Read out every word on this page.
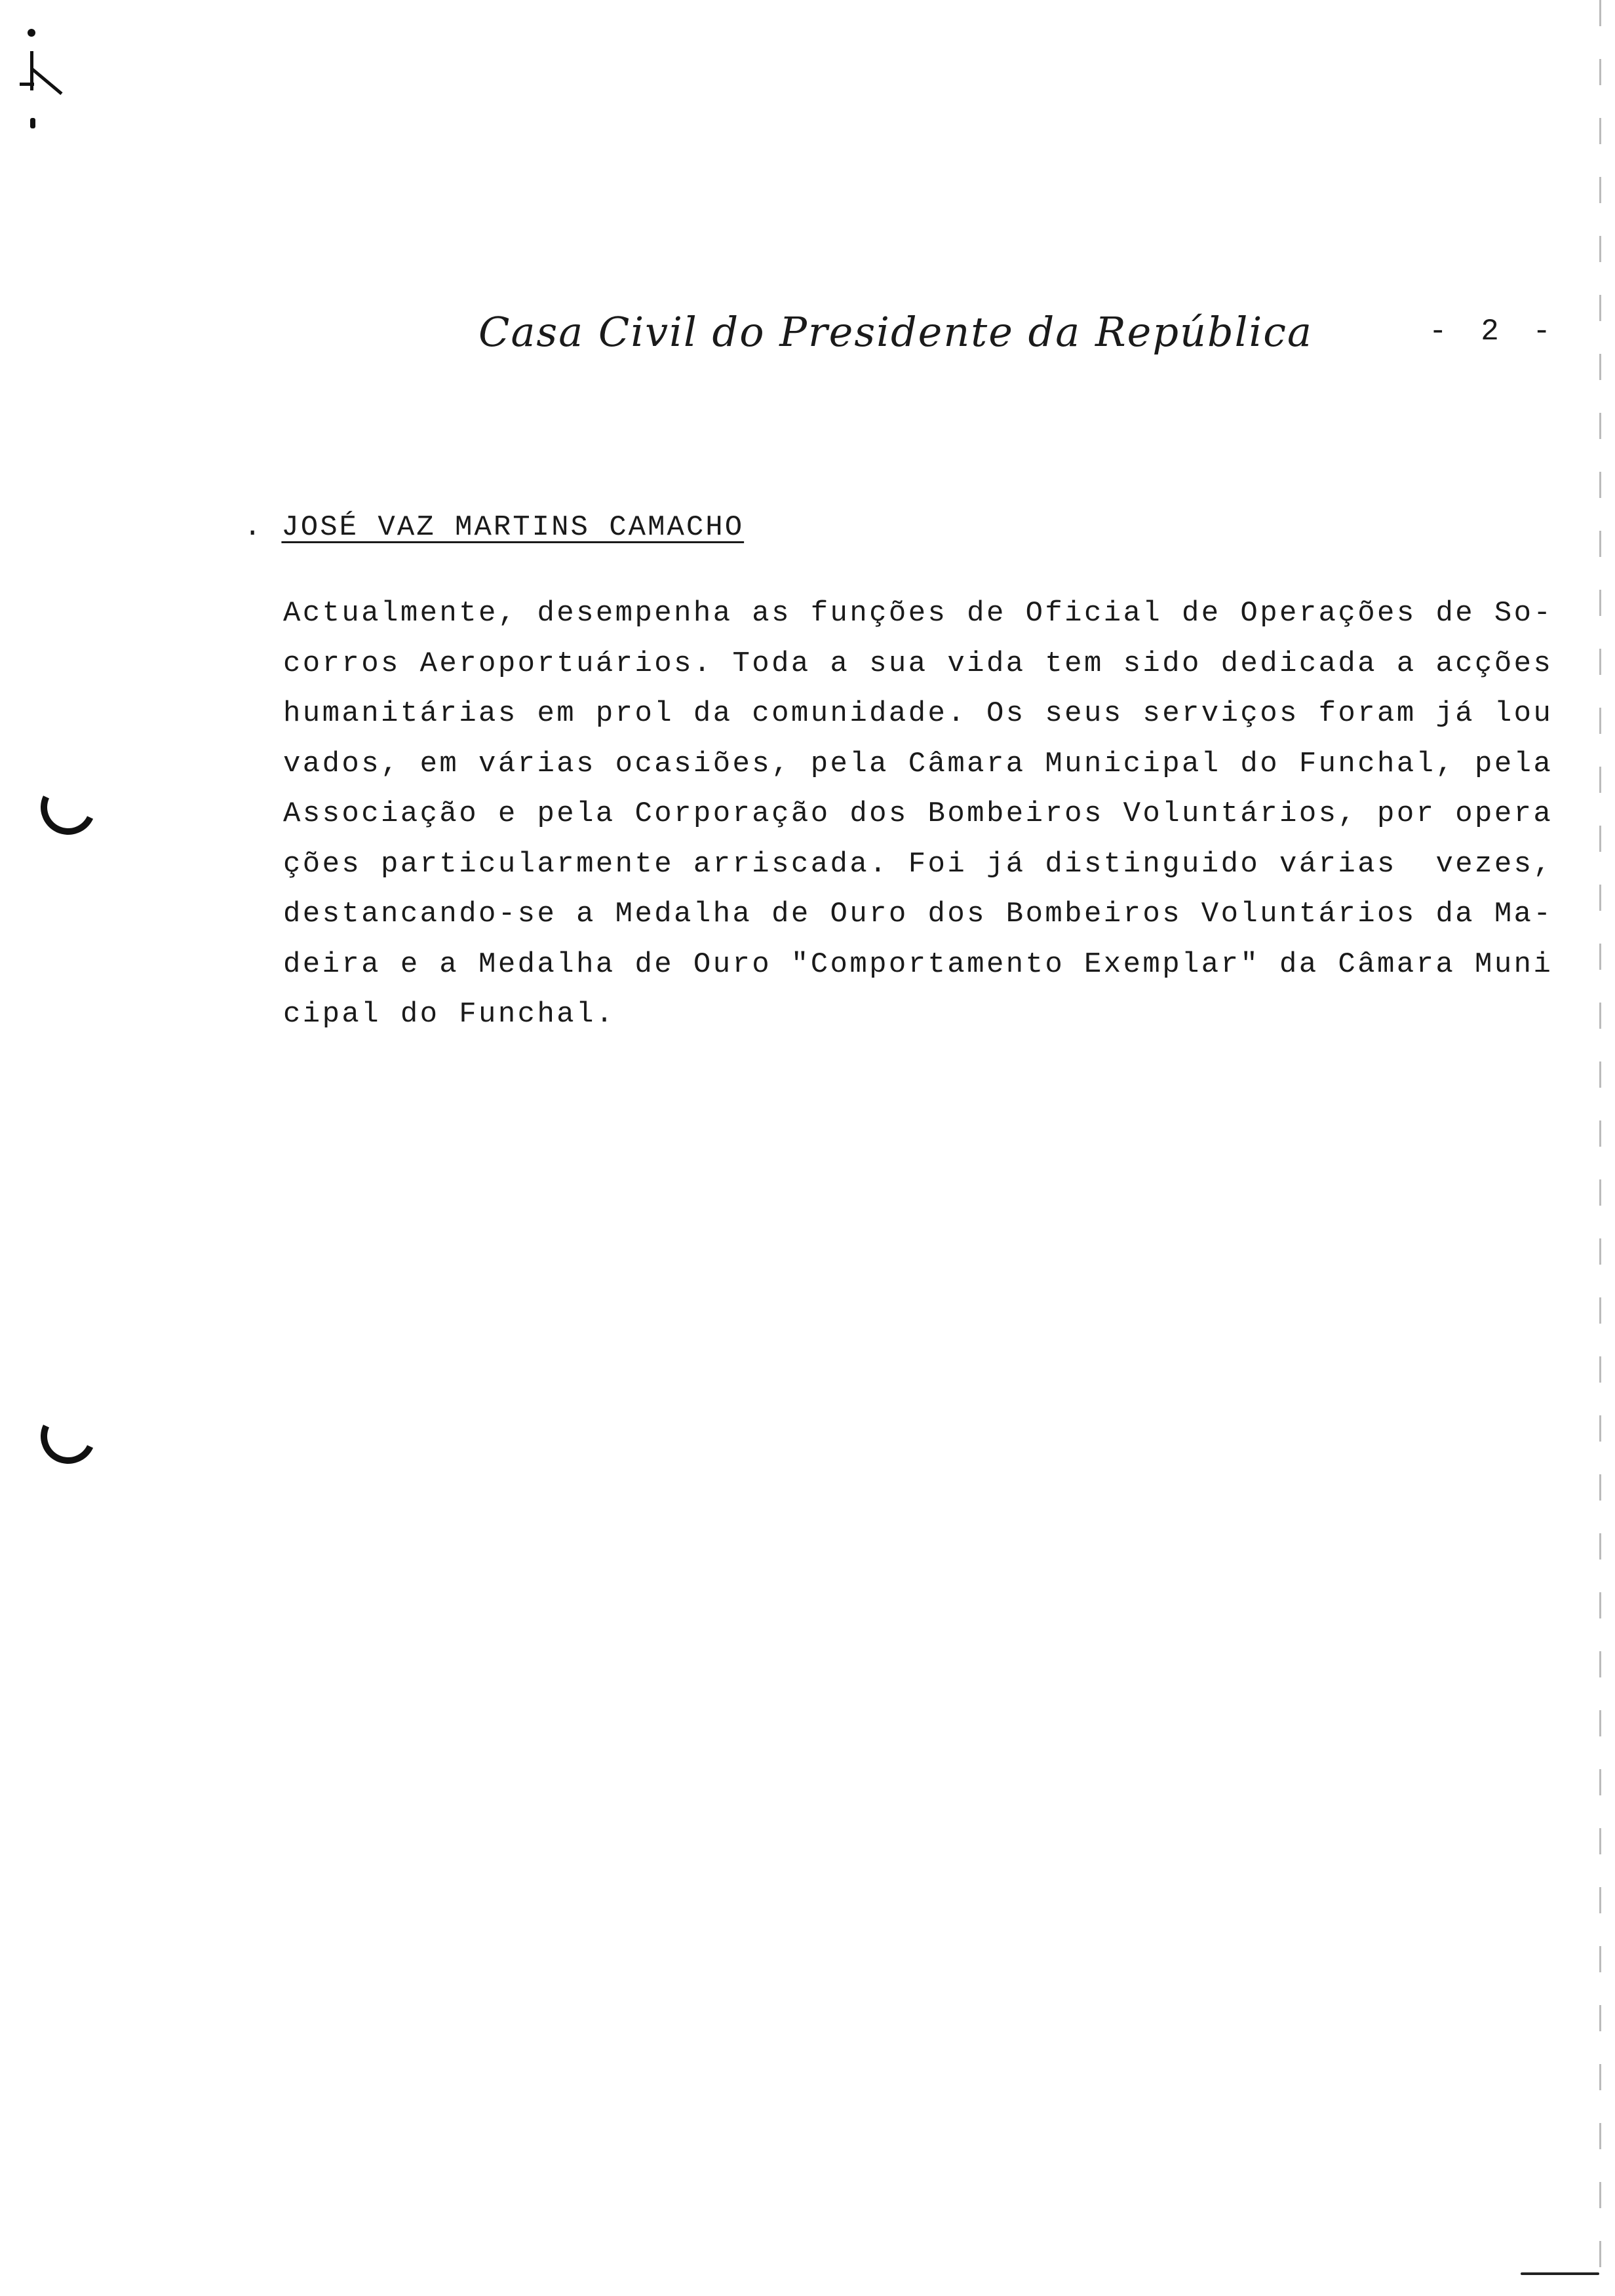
Casa Civil do Presidente da República	- 2 -
. JOSÉ VAZ MARTINS CAMACHO
Actualmente, desempenha as funções de Oficial de Operações de So-
corros Aeroportuários. Toda a sua vida tem sido dedicada a acções
humanitárias em prol da comunidade. Os seus serviços foram já lou
vados, em várias ocasiões, pela Câmara Municipal do Funchal, pela
Associação e pela Corporação dos Bombeiros Voluntários, por opera
ções particularmente arriscada. Foi já distinguido várias  vezes,
destancando-se a Medalha de Ouro dos Bombeiros Voluntários da Ma-
deira e a Medalha de Ouro "Comportamento Exemplar" da Câmara Muni
cipal do Funchal.
